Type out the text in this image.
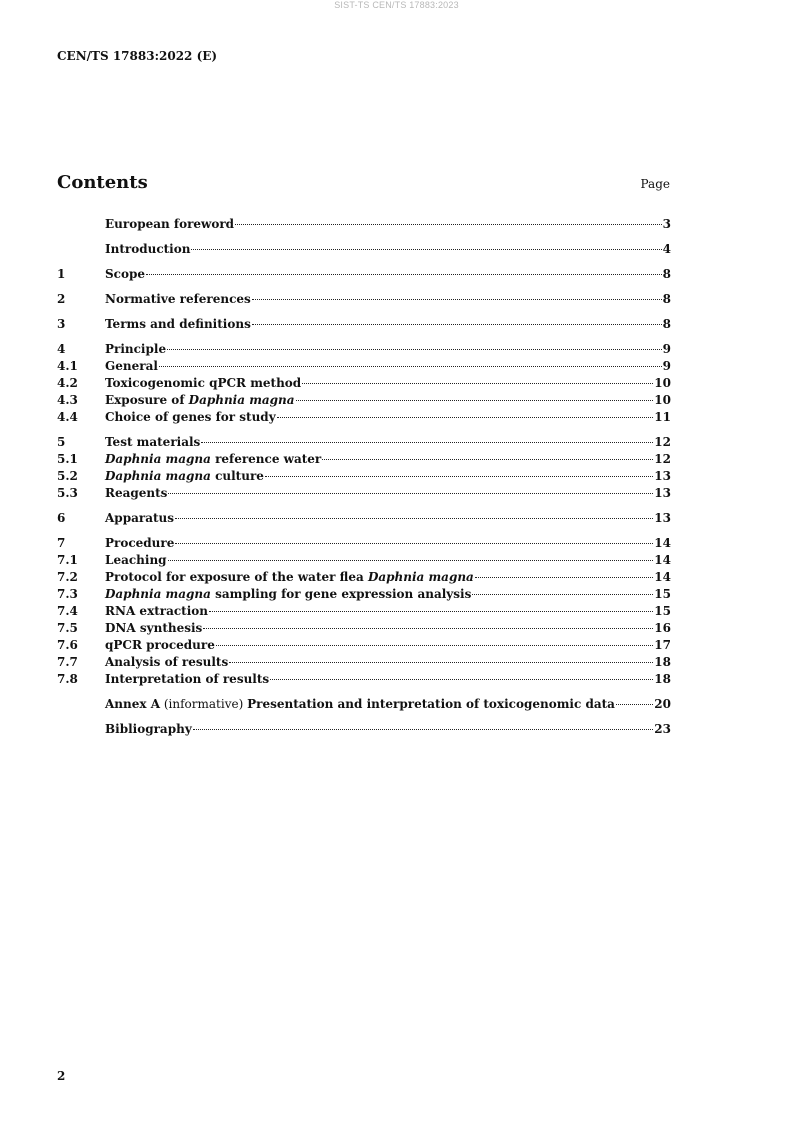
SIST-TS CEN/TS 17883:2023
CEN/TS 17883:2022 (E)
Contents	Page
European foreword	3
Introduction	4
1	Scope	8
2	Normative references	8
3	Terms and definitions	8
4	Principle	9
4.1	General	9
4.2	Toxicogenomic qPCR method	10
4.3	Exposure of Daphnia magna	10
4.4	Choice of genes for study	11
5	Test materials	12
5.1	Daphnia magna reference water	12
5.2	Daphnia magna culture	13
5.3	Reagents	13
6	Apparatus	13
7	Procedure	14
7.1	Leaching	14
7.2	Protocol for exposure of the water flea Daphnia magna	14
7.3	Daphnia magna sampling for gene expression analysis	15
7.4	RNA extraction	15
7.5	DNA synthesis	16
7.6	qPCR procedure	17
7.7	Analysis of results	18
7.8	Interpretation of results	18
Annex A (informative) Presentation and interpretation of toxicogenomic data	20
Bibliography	23
2
